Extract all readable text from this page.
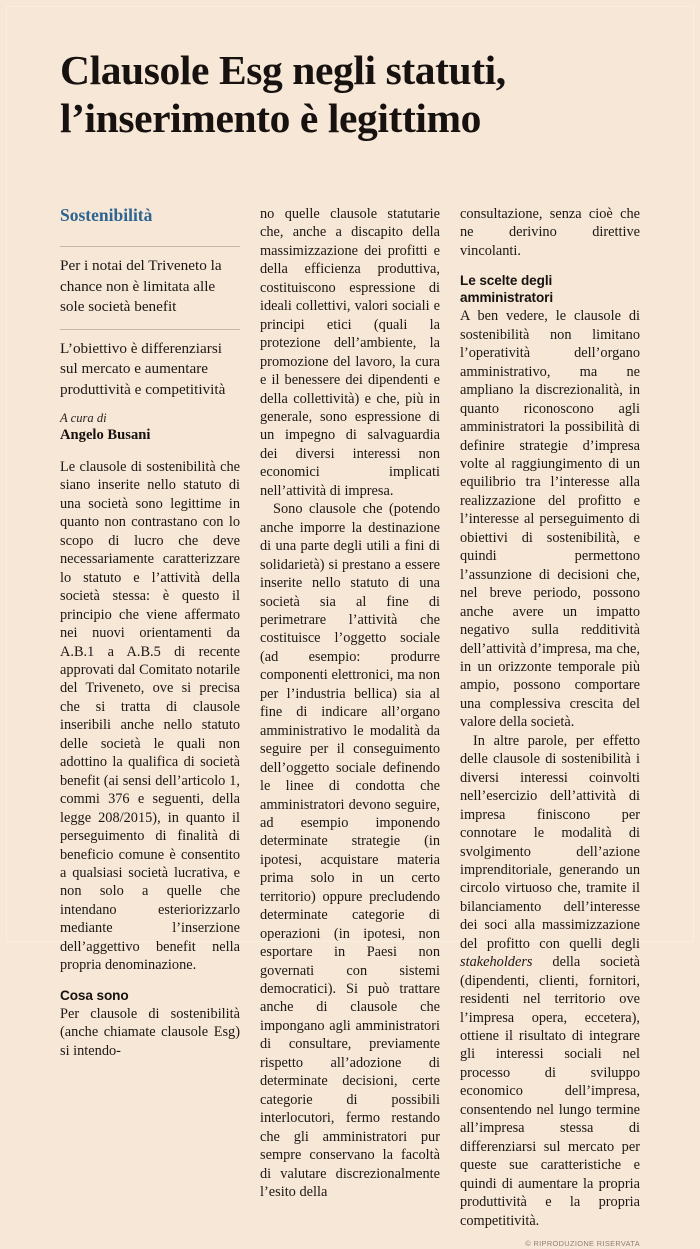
Clausole Esg negli statuti,
l’inserimento è legittimo
Sostenibilità

Per i notai del Triveneto la chance non è limitata alle sole società benefit

L’obiettivo è differenziarsi sul mercato e aumentare produttività e competitività

A cura di
Angelo Busani

Le clausole di sostenibilità che siano inserite nello statuto di una società sono legittime in quanto non contrastano con lo scopo di lucro che deve necessariamente caratterizzare lo statuto e l’attività della società stessa: è questo il principio che viene affermato nei nuovi orientamenti da A.B.1 a A.B.5 di recente approvati dal Comitato notarile del Triveneto, ove si precisa che si tratta di clausole inseribili anche nello statuto delle società le quali non adottino la qualifica di società benefit (ai sensi dell’articolo 1, commi 376 e seguenti, della legge 208/2015), in quanto il perseguimento di finalità di beneficio comune è consentito a qualsiasi società lucrativa, e non solo a quelle che intendano esteriorizzarlo mediante l’inserzione dell’aggettivo benefit nella propria denominazione.

Cosa sono

Per clausole di sostenibilità (anche chiamate clausole Esg) si intendo-

no quelle clausole statutarie che, anche a discapito della massimizzazione dei profitti e della efficienza produttiva, costituiscono espressione di ideali collettivi, valori sociali e principi etici (quali la protezione dell’ambiente, la promozione del lavoro, la cura e il benessere dei dipendenti e della collettività) e che, più in generale, sono espressione di un impegno di salvaguardia dei diversi interessi non economici implicati nell’attività di impresa.

Sono clausole che (potendo anche imporre la destinazione di una parte degli utili a fini di solidarietà) si prestano a essere inserite nello statuto di una società sia al fine di perimetrare l’attività che costituisce l’oggetto sociale (ad esempio: produrre componenti elettronici, ma non per l’industria bellica) sia al fine di indicare all’organo amministrativo le modalità da seguire per il conseguimento dell’oggetto sociale definendo le linee di condotta che amministratori devono seguire, ad esempio imponendo determinate strategie (in ipotesi, acquistare materia prima solo in un certo territorio) oppure precludendo determinate categorie di operazioni (in ipotesi, non esportare in Paesi non governati con sistemi democratici). Si può trattare anche di clausole che impongano agli amministratori di consultare, previamente rispetto all’adozione di determinate decisioni, certe categorie di possibili interlocutori, fermo restando che gli amministratori pur sempre conservano la facoltà di valutare discrezionalmente l’esito della

consultazione, senza cioè che ne derivino direttive vincolanti.

Le scelte degli amministratori

A ben vedere, le clausole di sostenibilità non limitano l’operatività dell’organo amministrativo, ma ne ampliano la discrezionalità, in quanto riconoscono agli amministratori la possibilità di definire strategie d’impresa volte al raggiungimento di un equilibrio tra l’interesse alla realizzazione del profitto e l’interesse al perseguimento di obiettivi di sostenibilità, e quindi permettono l’assunzione di decisioni che, nel breve periodo, possono anche avere un impatto negativo sulla redditività dell’attività d’impresa, ma che, in un orizzonte temporale più ampio, possono comportare una complessiva crescita del valore della società.

In altre parole, per effetto delle clausole di sostenibilità i diversi interessi coinvolti nell’esercizio dell’attività di impresa finiscono per connotare le modalità di svolgimento dell’azione imprenditoriale, generando un circolo virtuoso che, tramite il bilanciamento dell’interesse dei soci alla massimizzazione del profitto con quelli degli stakeholders della società (dipendenti, clienti, fornitori, residenti nel territorio ove l’impresa opera, eccetera), ottiene il risultato di integrare gli interessi sociali nel processo di sviluppo economico dell’impresa, consentendo nel lungo termine all’impresa stessa di differenziarsi sul mercato per queste sue caratteristiche e quindi di aumentare la propria produttività e la propria competitività.

© RIPRODUZIONE RISERVATA
